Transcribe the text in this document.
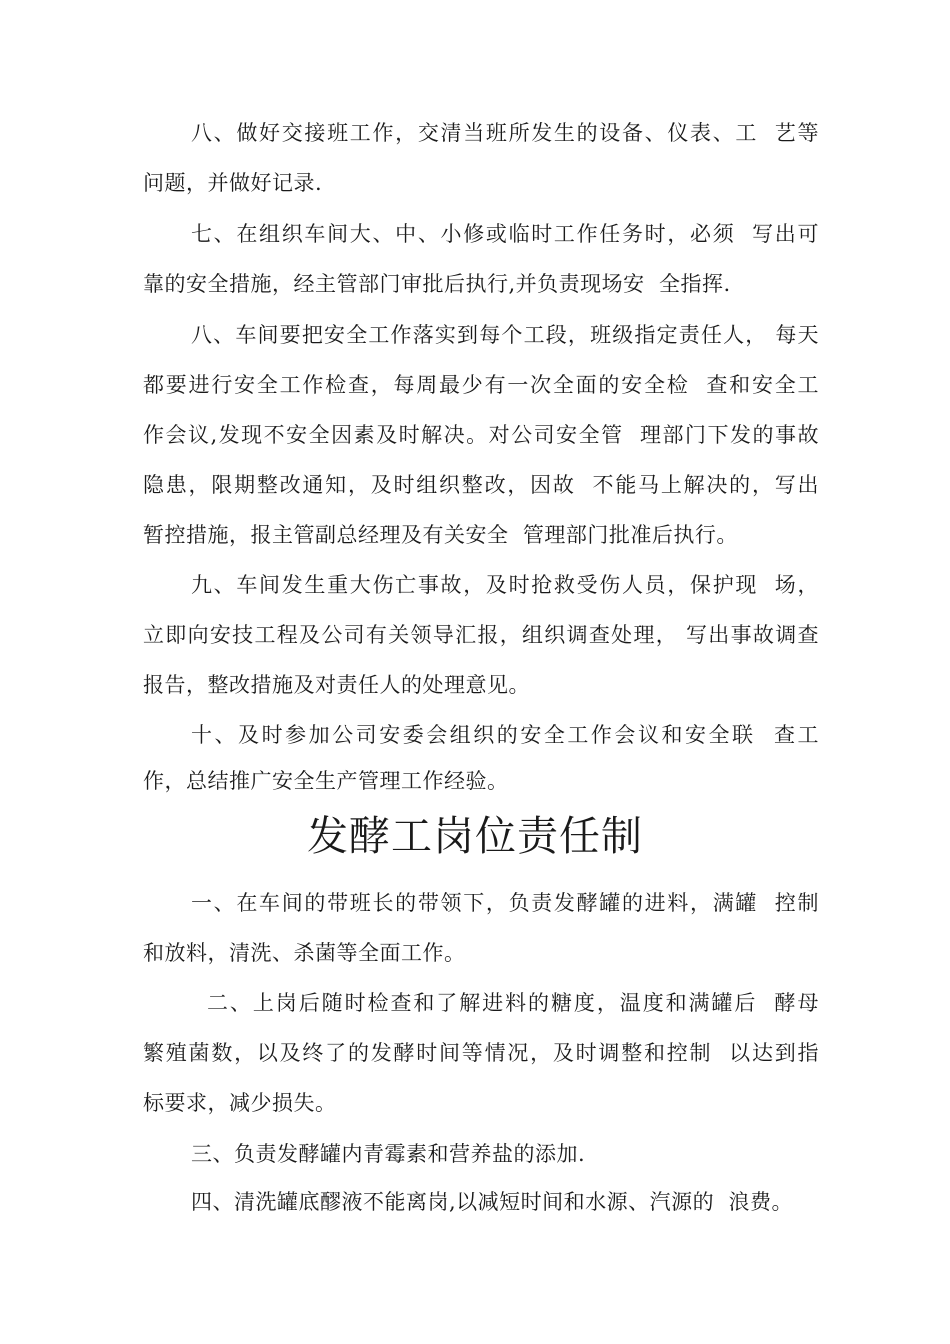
八、做好交接班工作，交清当班所发生的设备、仪表、工  艺等
问题，并做好记录.
七、在组织车间大、中、小修或临时工作任务时，必须  写出可
靠的安全措施，经主管部门审批后执行,并负责现场安  全指挥.
八、车间要把安全工作落实到每个工段，班级指定责任人， 每天
都要进行安全工作检查，每周最少有一次全面的安全检  查和安全工
作会议,发现不安全因素及时解决。对公司安全管  理部门下发的事故
隐患，限期整改通知，及时组织整改，因故  不能马上解决的，写出
暂控措施，报主管副总经理及有关安全  管理部门批准后执行。
九、车间发生重大伤亡事故，及时抢救受伤人员，保护现  场，
立即向安技工程及公司有关领导汇报，组织调查处理， 写出事故调查
报告，整改措施及对责任人的处理意见。
十、及时参加公司安委会组织的安全工作会议和安全联  查工
作，总结推广安全生产管理工作经验。
发酵工岗位责任制
一、在车间的带班长的带领下，负责发酵罐的进料，满罐  控制
和放料，清洗、杀菌等全面工作。
二、上岗后随时检查和了解进料的糖度，温度和满罐后  酵母
繁殖菌数，以及终了的发酵时间等情况，及时调整和控制  以达到指
标要求，减少损失。
三、负责发酵罐内青霉素和营养盐的添加.
四、清洗罐底醪液不能离岗,以减短时间和水源、汽源的  浪费。
